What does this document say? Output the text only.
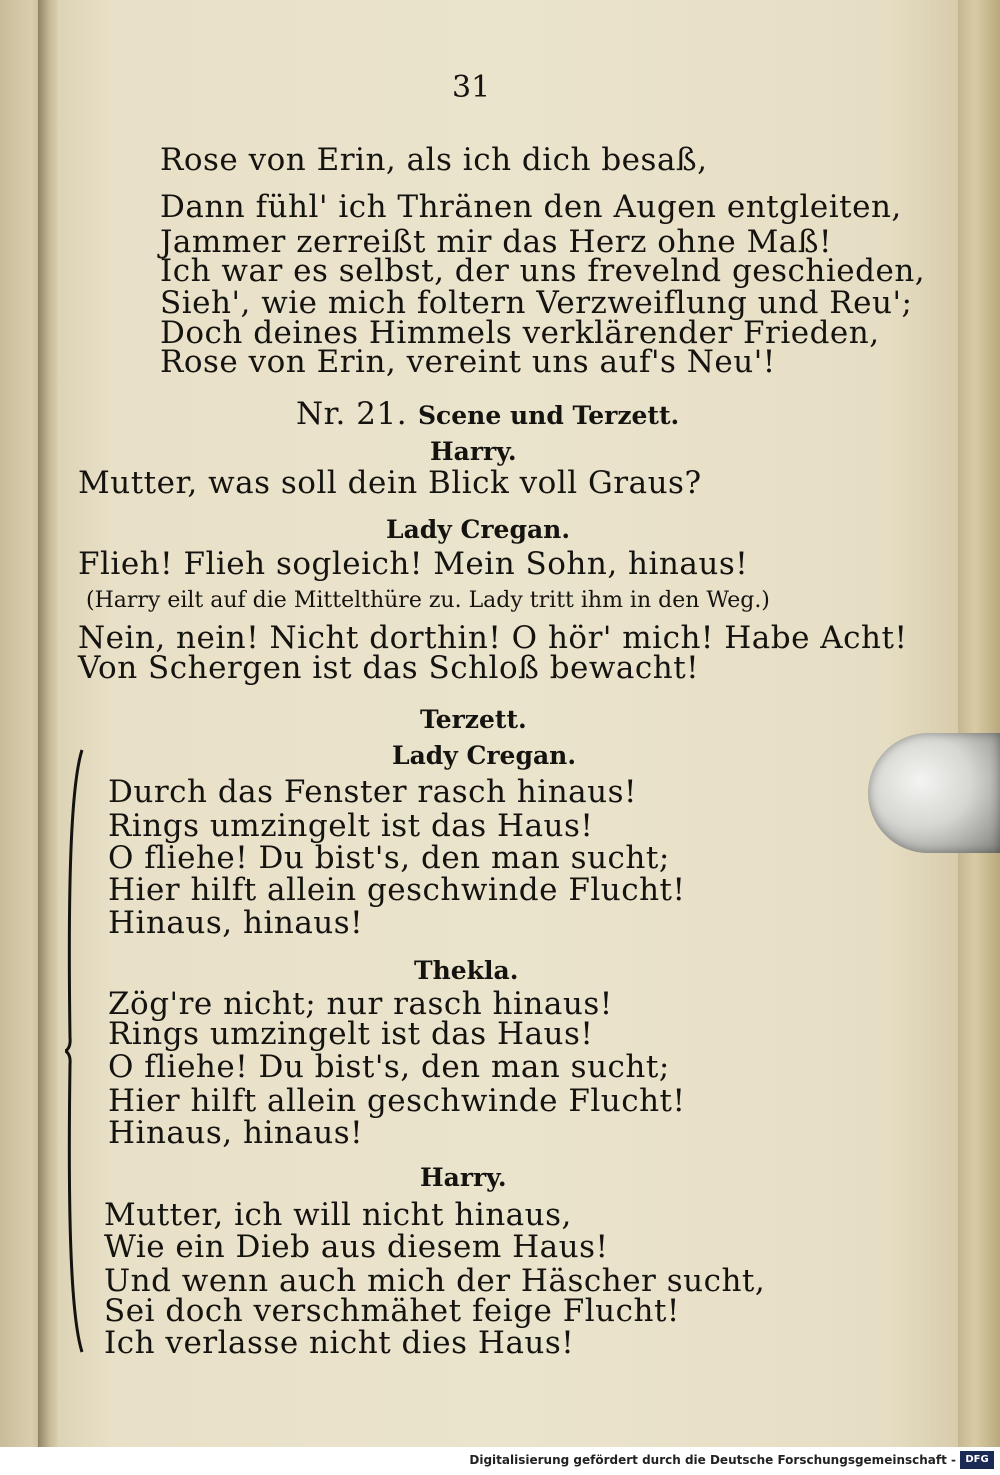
31
Rose von Erin, als ich dich besaß,
Dann fühl' ich Thränen den Augen entgleiten,
Jammer zerreißt mir das Herz ohne Maß!
Ich war es selbst, der uns frevelnd geschieden,
Sieh', wie mich foltern Verzweiflung und Reu';
Doch deines Himmels verklärender Frieden,
Rose von Erin, vereint uns auf's Neu'!
Nr. 21. Scene und Terzett.
Harry.
Mutter, was soll dein Blick voll Graus?
Lady Cregan.
Flieh! Flieh sogleich! Mein Sohn, hinaus!
(Harry eilt auf die Mittelthüre zu. Lady tritt ihm in den Weg.)
Nein, nein! Nicht dorthin! O hör' mich! Habe Acht!
Von Schergen ist das Schloß bewacht!
Terzett.
Lady Cregan.
Durch das Fenster rasch hinaus!
Rings umzingelt ist das Haus!
O fliehe! Du bist's, den man sucht;
Hier hilft allein geschwinde Flucht!
Hinaus, hinaus!
Thekla.
Zög're nicht; nur rasch hinaus!
Rings umzingelt ist das Haus!
O fliehe! Du bist's, den man sucht;
Hier hilft allein geschwinde Flucht!
Hinaus, hinaus!
Harry.
Mutter, ich will nicht hinaus,
Wie ein Dieb aus diesem Haus!
Und wenn auch mich der Häscher sucht,
Sei doch verschmähet feige Flucht!
Ich verlasse nicht dies Haus!
Digitalisierung gefördert durch die Deutsche Forschungsgemeinschaft - DFG
